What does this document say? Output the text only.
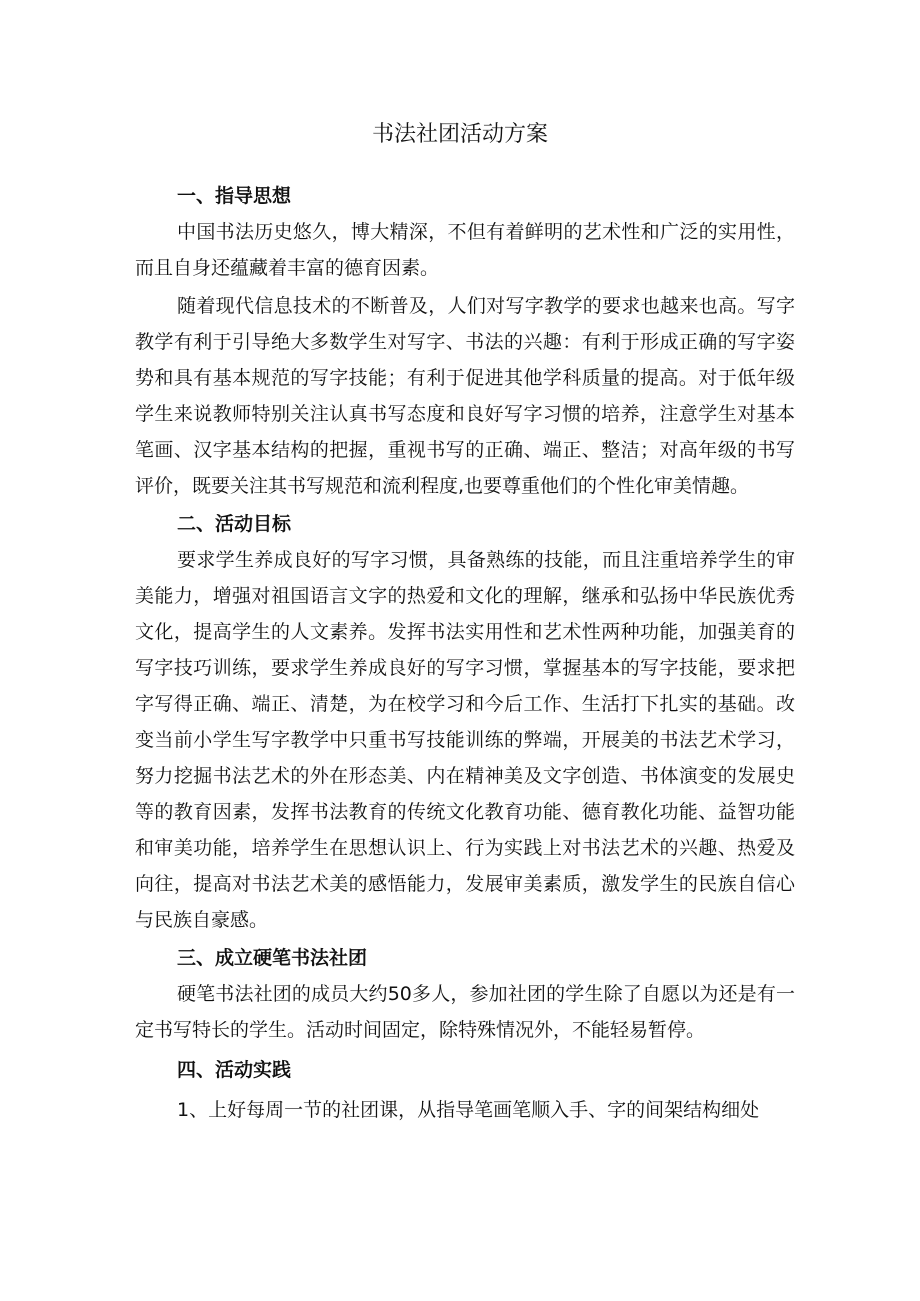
书法社团活动方案
一、指导思想

中国书法历史悠久，博大精深，不但有着鲜明的艺术性和广泛的实用性，而且自身还蕴藏着丰富的德育因素。

随着现代信息技术的不断普及，人们对写字教学的要求也越来也高。写字教学有利于引导绝大多数学生对写字、书法的兴趣：有利于形成正确的写字姿势和具有基本规范的写字技能；有利于促进其他学科质量的提高。对于低年级学生来说教师特别关注认真书写态度和良好写字习惯的培养，注意学生对基本笔画、汉字基本结构的把握，重视书写的正确、端正、整洁；对高年级的书写评价，既要关注其书写规范和流利程度,也要尊重他们的个性化审美情趣。

二、活动目标

要求学生养成良好的写字习惯，具备熟练的技能，而且注重培养学生的审美能力，增强对祖国语言文字的热爱和文化的理解，继承和弘扬中华民族优秀文化，提高学生的人文素养。发挥书法实用性和艺术性两种功能，加强美育的写字技巧训练，要求学生养成良好的写字习惯，掌握基本的写字技能，要求把字写得正确、端正、清楚，为在校学习和今后工作、生活打下扎实的基础。改变当前小学生写字教学中只重书写技能训练的弊端，开展美的书法艺术学习，努力挖掘书法艺术的外在形态美、内在精神美及文字创造、书体演变的发展史等的教育因素，发挥书法教育的传统文化教育功能、德育教化功能、益智功能和审美功能，培养学生在思想认识上、行为实践上对书法艺术的兴趣、热爱及向往，提高对书法艺术美的感悟能力，发展审美素质，激发学生的民族自信心与民族自豪感。

三、成立硬笔书法社团

硬笔书法社团的成员大约50多人，参加社团的学生除了自愿以为还是有一定书写特长的学生。活动时间固定，除特殊情况外，不能轻易暂停。

四、活动实践

1、上好每周一节的社团课，从指导笔画笔顺入手、字的间架结构细处
